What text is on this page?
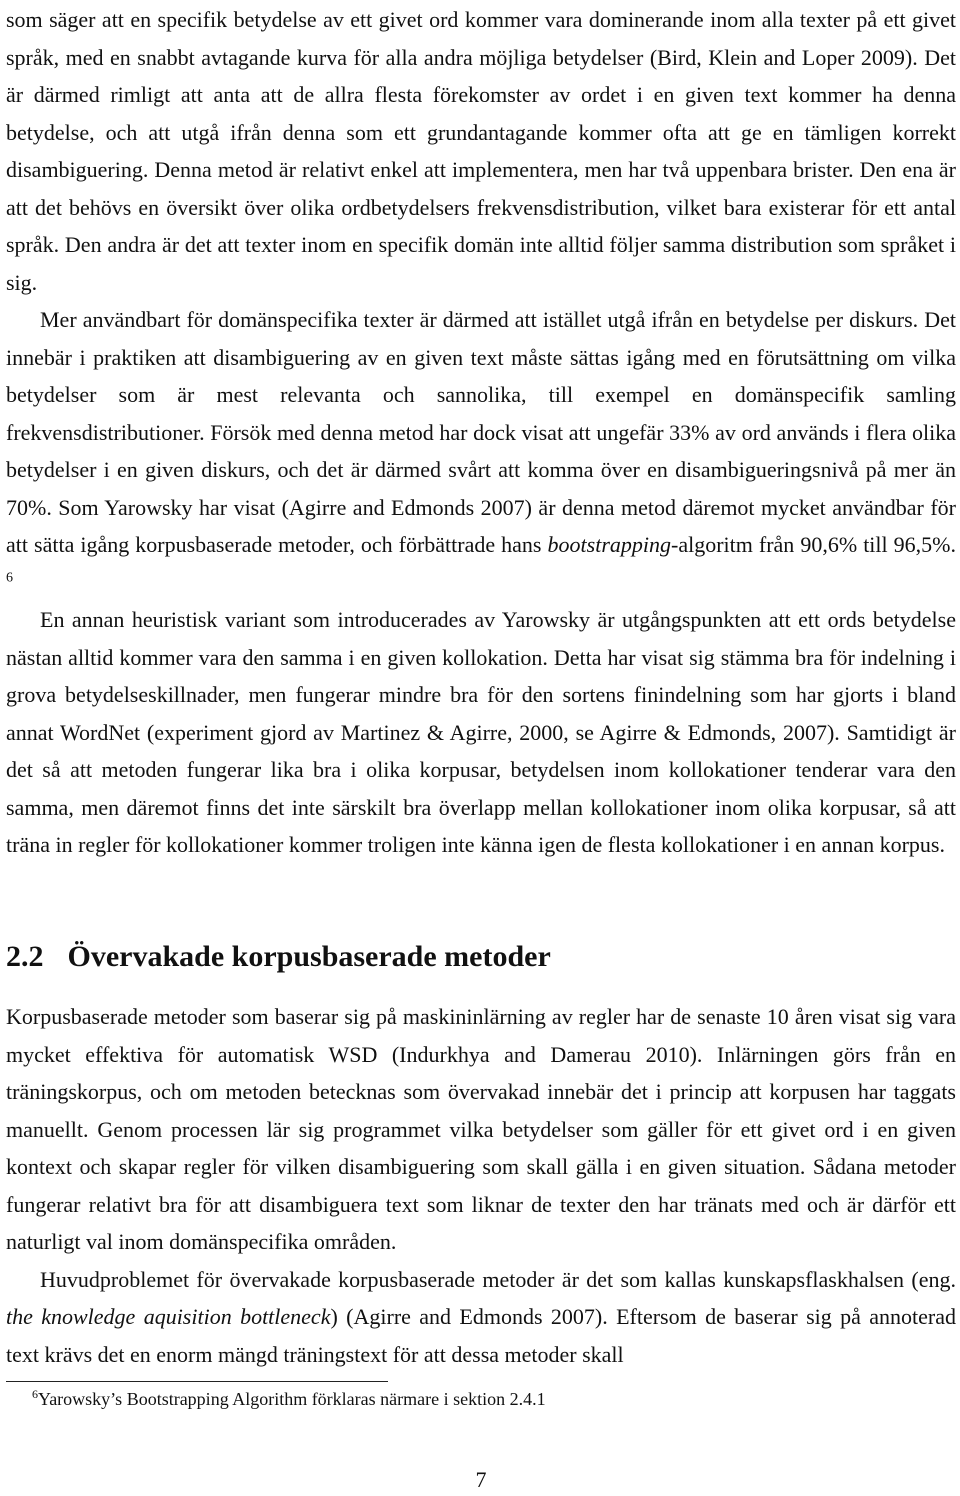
som säger att en specifik betydelse av ett givet ord kommer vara dominerande inom alla texter på ett givet språk, med en snabbt avtagande kurva för alla andra möjliga betydelser (Bird, Klein and Loper 2009). Det är därmed rimligt att anta att de allra flesta förekomster av ordet i en given text kommer ha denna betydelse, och att utgå ifrån denna som ett grundantagande kommer ofta att ge en tämligen korrekt disambiguering. Denna metod är relativt enkel att implementera, men har två uppenbara brister. Den ena är att det behövs en översikt över olika ordbetydelsers frekvensdistribution, vilket bara existerar för ett antal språk. Den andra är det att texter inom en specifik domän inte alltid följer samma distribution som språket i sig.

Mer användbart för domänspecifika texter är därmed att istället utgå ifrån en betydelse per diskurs. Det innebär i praktiken att disambiguering av en given text måste sättas igång med en förutsättning om vilka betydelser som är mest relevanta och sannolika, till exempel en domänspecifik samling frekvensdistributioner. Försök med denna metod har dock visat att ungefär 33% av ord används i flera olika betydelser i en given diskurs, och det är därmed svårt att komma över en disambigueringsnivå på mer än 70%. Som Yarowsky har visat (Agirre and Edmonds 2007) är denna metod däremot mycket användbar för att sätta igång korpusbaserade metoder, och förbättrade hans bootstrapping-algoritm från 90,6% till 96,5%. $^6$

En annan heuristisk variant som introducerades av Yarowsky är utgångspunkten att ett ords betydelse nästan alltid kommer vara den samma i en given kollokation. Detta har visat sig stämma bra för indelning i grova betydelseskillnader, men fungerar mindre bra för den sortens finindelning som har gjorts i bland annat WordNet (experiment gjord av Martinez & Agirre, 2000, se Agirre & Edmonds, 2007). Samtidigt är det så att metoden fungerar lika bra i olika korpusar, betydelsen inom kollokationer tenderar vara den samma, men däremot finns det inte särskilt bra överlapp mellan kollokationer inom olika korpusar, så att träna in regler för kollokationer kommer troligen inte känna igen de flesta kollokationer i en annan korpus.

2.2 Övervakade korpusbaserade metoder

Korpusbaserade metoder som baserar sig på maskininlärning av regler har de senaste 10 åren visat sig vara mycket effektiva för automatisk WSD (Indurkhya and Damerau 2010). Inlärningen görs från en träningskorpus, och om metoden betecknas som övervakad innebär det i princip att korpusen har taggats manuellt. Genom processen lär sig programmet vilka betydelser som gäller för ett givet ord i en given kontext och skapar regler för vilken disambiguering som skall gälla i en given situation. Sådana metoder fungerar relativt bra för att disambiguera text som liknar de texter den har tränats med och är därför ett naturligt val inom domänspecifika områden.

Huvudproblemet för övervakade korpusbaserade metoder är det som kallas kunskapsflaskhalsen (eng. the knowledge aquisition bottleneck) (Agirre and Edmonds 2007). Eftersom de baserar sig på annoterad text krävs det en enorm mängd träningstext för att dessa metoder skall

$^6$Yarowsky’s Bootstrapping Algorithm förklaras närmare i sektion 2.4.1

7
